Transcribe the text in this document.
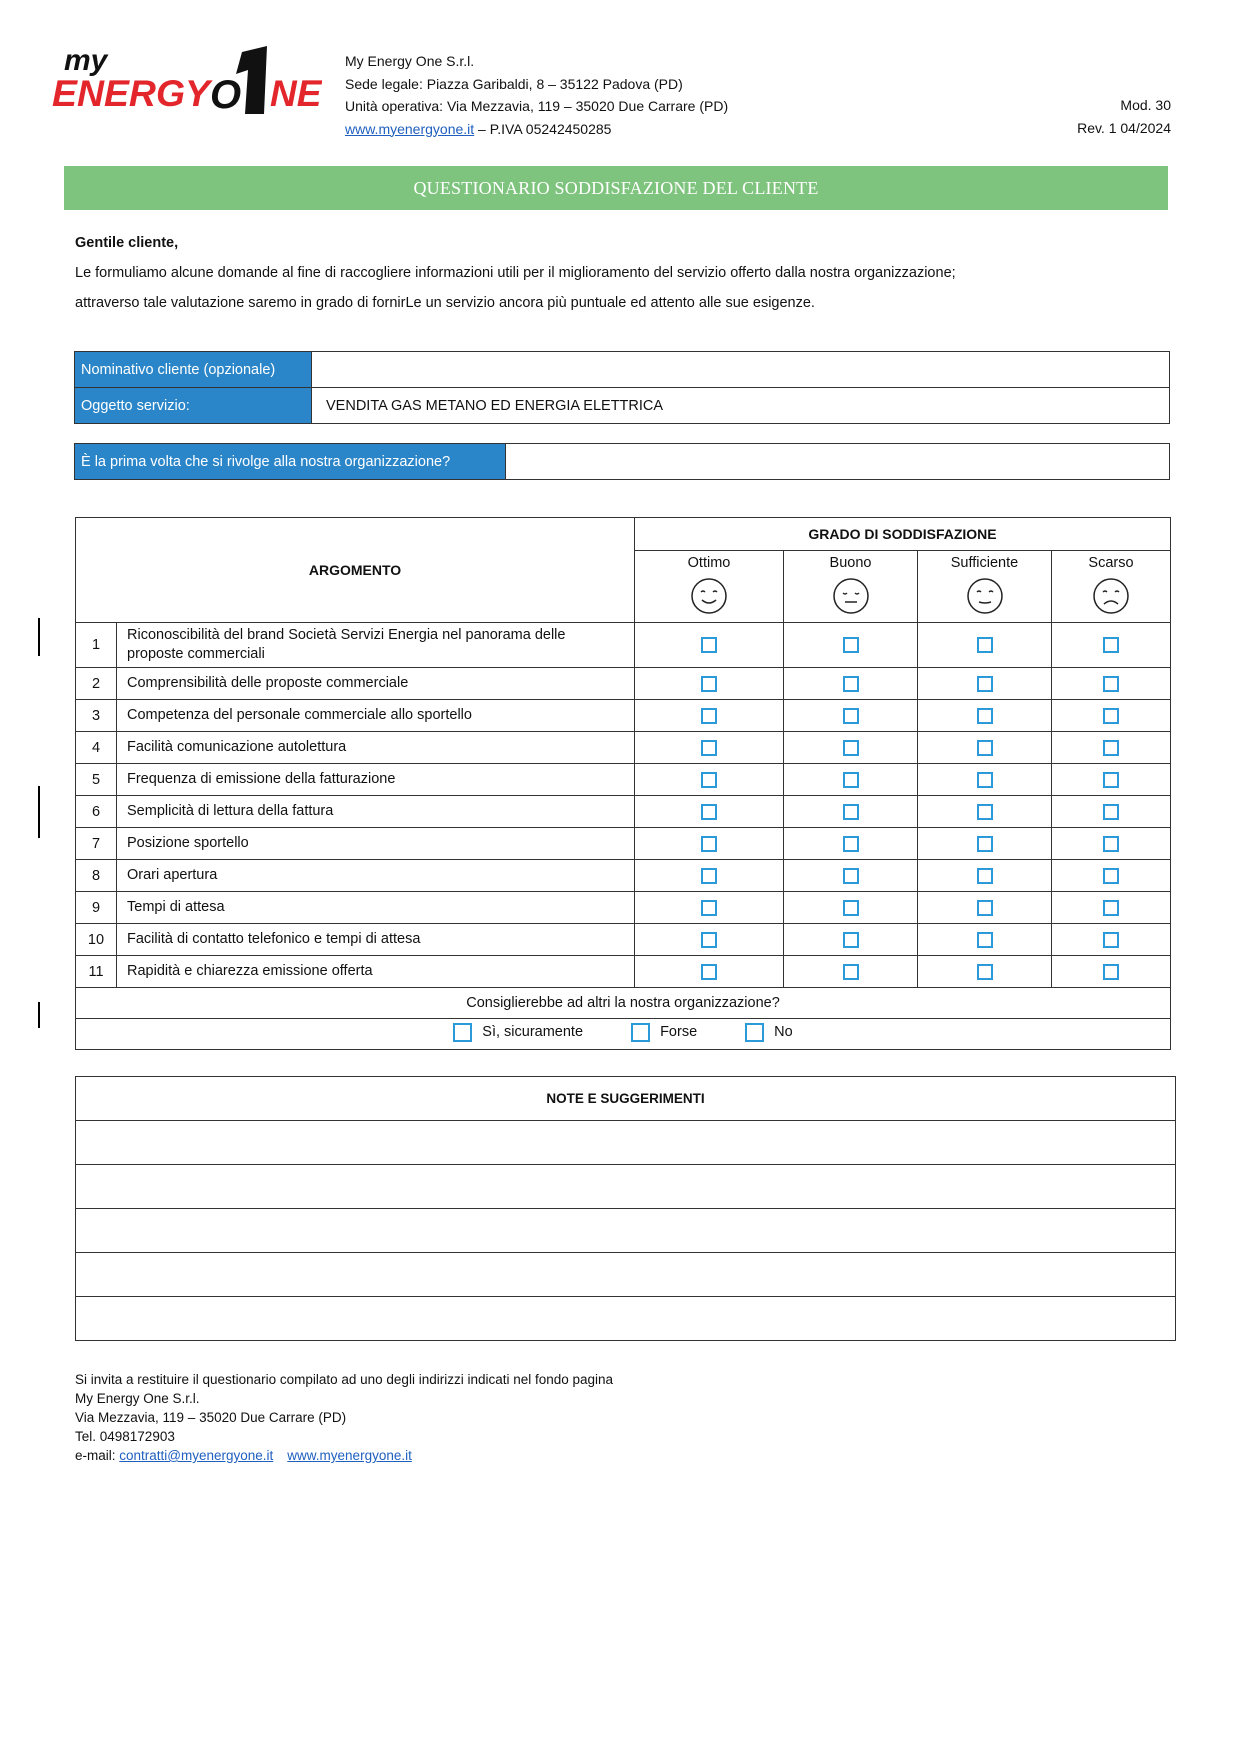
my
ENERGY
O NE
My Energy One S.r.l.
Sede legale: Piazza Garibaldi, 8 – 35122 Padova (PD)
Unità operativa: Via Mezzavia, 119 – 35020 Due Carrare (PD)
www.myenergyone.it – P.IVA 05242450285
Mod. 30
Rev. 1 04/2024
QUESTIONARIO SODDISFAZIONE DEL CLIENTE
Gentile cliente,
Le formuliamo alcune domande al fine di raccogliere informazioni utili per il miglioramento del servizio offerto dalla nostra organizzazione;
attraverso tale valutazione saremo in grado di fornirLe un servizio ancora più puntuale ed attento alle sue esigenze.
Nominativo cliente (opzionale)	
Oggetto servizio:	VENDITA GAS METANO ED ENERGIA ELETTRICA
È la prima volta che si rivolge alla nostra organizzazione?	
ARGOMENTO		GRADO DI SODDISFAZIONE			

		Ottimo	Buono	Sufficiente	Scarso

1	Riconoscibilità del brand Società Servizi Energia nel panorama delle proposte commerciali				
2	Comprensibilità delle proposte commerciale				
3	Competenza del personale commerciale allo sportello				
4	Facilità comunicazione autolettura				
5	Frequenza di emissione della fatturazione				
6	Semplicità di lettura della fattura				
7	Posizione sportello				
8	Orari apertura				
9	Tempi di attesa				
10	Facilità di contatto telefonico e tempi di attesa				
11	Rapidità e chiarezza emissione offerta				
Consiglierebbe ad altri la nostra organizzazione?					

Sì, sicuramente
Forse
No					
NOTE E SUGGERIMENTI

Si invita a restituire il questionario compilato ad uno degli indirizzi indicati nel fondo pagina
My Energy One S.r.l.
Via Mezzavia, 119 – 35020 Due Carrare (PD)
Tel. 0498172903
e-mail: contratti@myenergyone.it www.myenergyone.it
